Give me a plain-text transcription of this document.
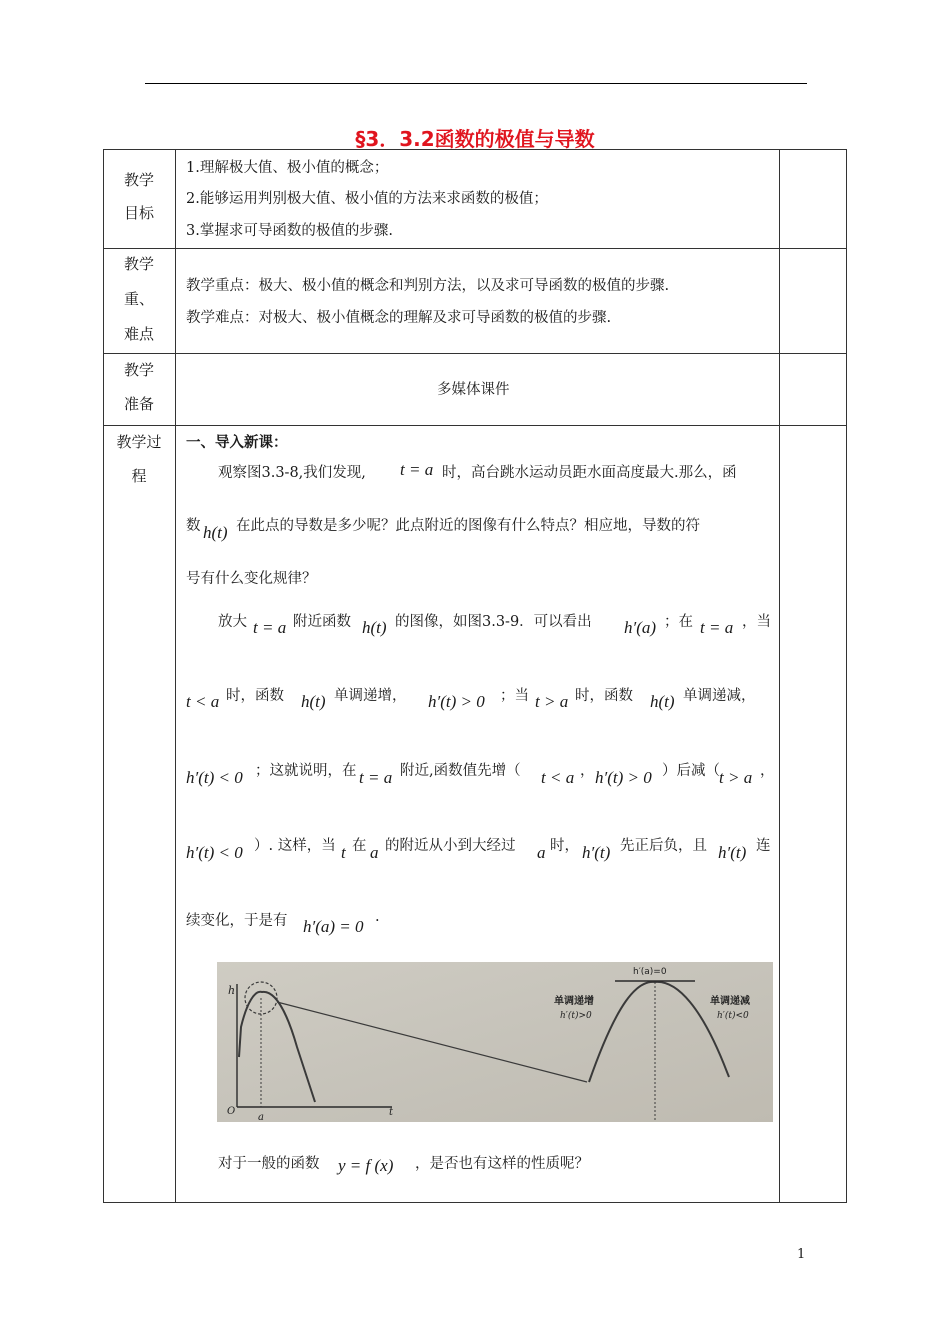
§3．3.2函数的极值与导数
教学
目标
1.理解极大值、极小值的概念；
2.能够运用判别极大值、极小值的方法来求函数的极值；
3.掌握求可导函数的极值的步骤.
教学
重、
难点
教学重点：极大、极小值的概念和判别方法，以及求可导函数的极值的步骤.
教学难点：对极大、极小值概念的理解及求可导函数的极值的步骤.
教学
准备
多媒体课件
教学过
程
一、导入新课：
观察图3.3-8,我们发现, t = a 时，高台跳水运动员距水面高度最大.那么，函
数 h(t) 在此点的导数是多少呢？此点附近的图像有什么特点？相应地，导数的符
号有什么变化规律？
放大 t = a 附近函数 h(t) 的图像，如图3.3-9．可以看出 h′(a) ；在 t = a ，当
t < a 时，函数 h(t) 单调递增， h′(t) > 0 ；当 t > a 时，函数 h(t) 单调递减，
h′(t) < 0 ；这就说明，在 t = a 附近,函数值先增（ t < a ， h′(t) > 0 ）后减（ t > a ，
h′(t) < 0 ）. 这样，当 t 在 a 的附近从小到大经过 a 时， h′(t) 先正后负，且 h′(t) 连
续变化，于是有 h′(a) = 0 .
h
O
a	t
h′(a)=0
单调递增
h′(t)>0
单调递减
h′(t)<0
对于一般的函数 y = f (x) ，是否也有这样的性质呢？
1
